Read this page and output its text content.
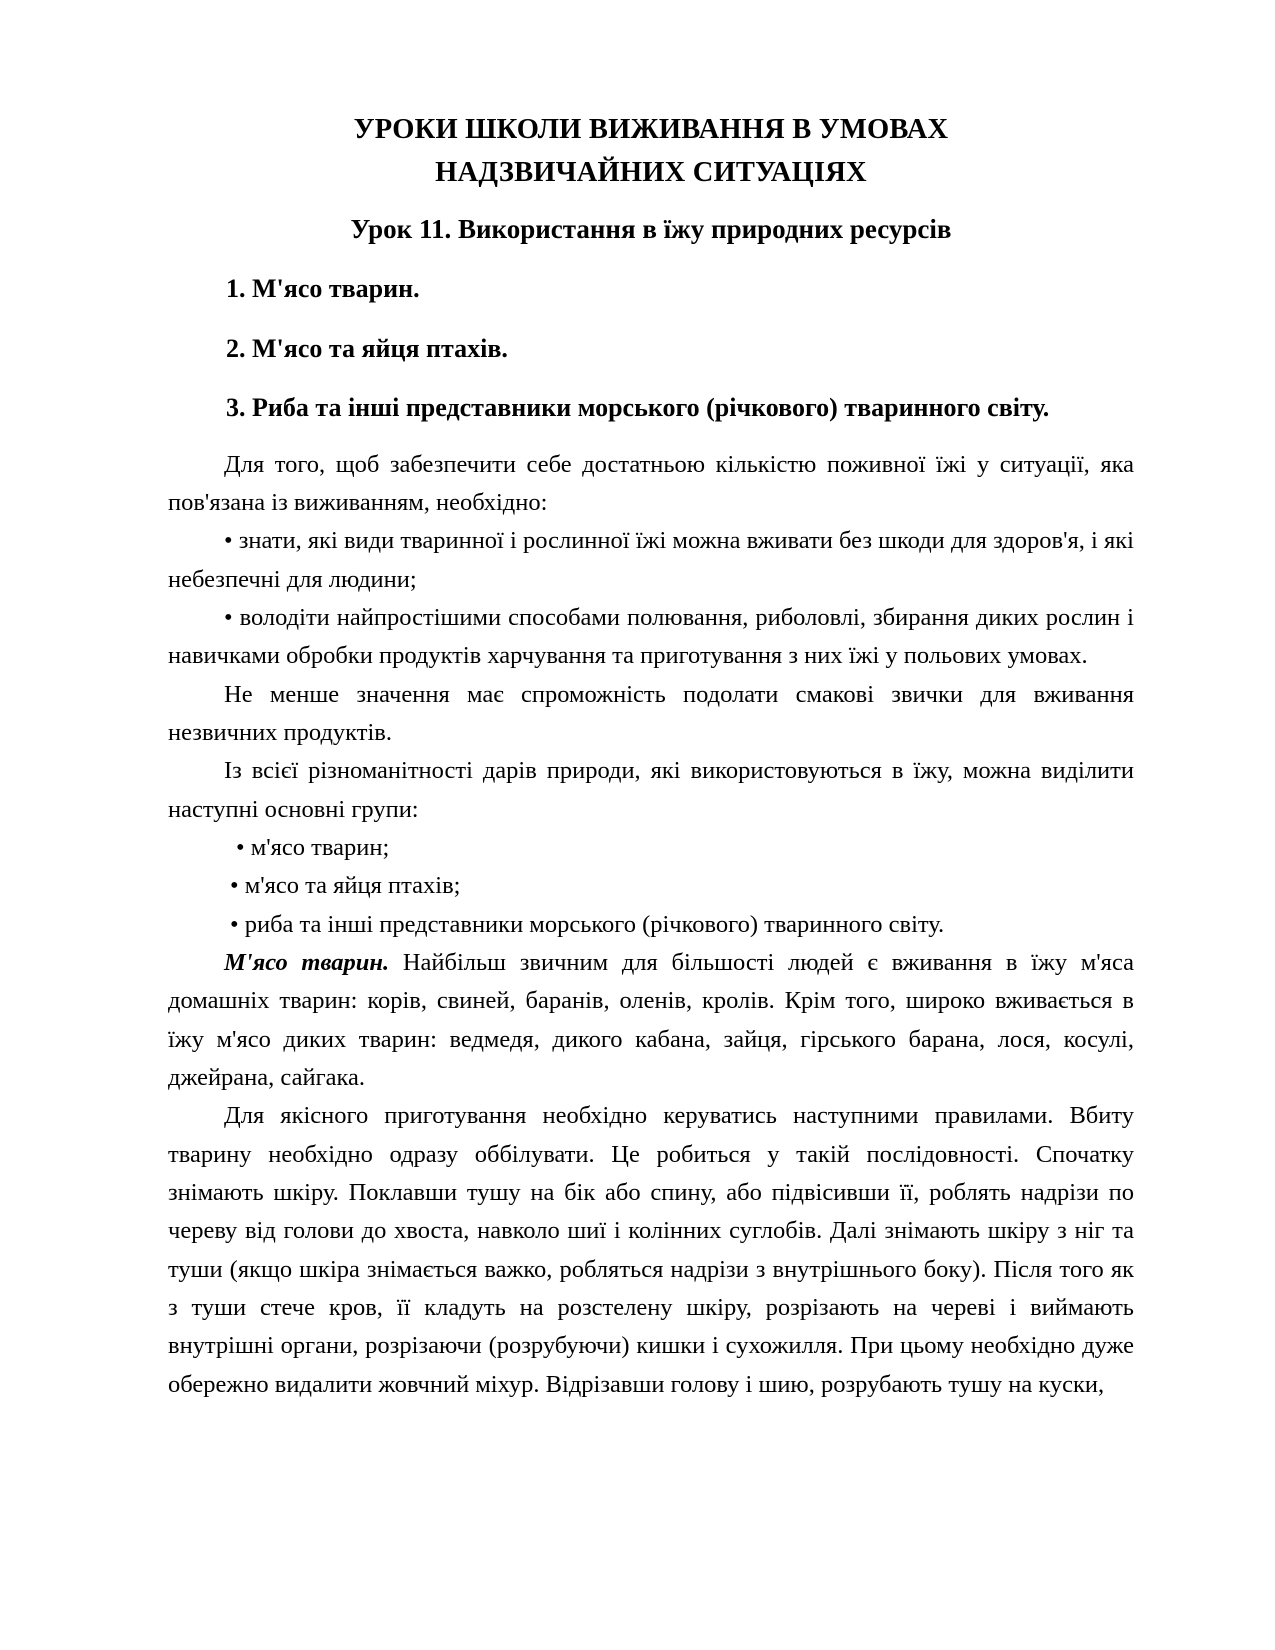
УРОКИ ШКОЛИ ВИЖИВАННЯ В УМОВАХ
НАДЗВИЧАЙНИХ СИТУАЦІЯХ
Урок 11. Використання в їжу природних ресурсів

1. М'ясо тварин.

2. М'ясо та яйця птахів.

3. Риба та інші представники морського (річкового) тваринного світу.

Для того, щоб забезпечити себе достатньою кількістю поживної їжі у ситуації, яка пов'язана із виживанням, необхідно:

• знати, які види тваринної і рослинної їжі можна вживати без шкоди для здоров'я, і які небезпечні для людини;

• володіти найпростішими способами полювання, риболовлі, збирання диких рослин і навичками обробки продуктів харчування та приготування з них їжі у польових умовах.

Не менше значення має спроможність подолати смакові звички для вживання незвичних продуктів.

Із всієї різноманітності дарів природи, які використовуються в їжу, можна виділити наступні основні групи:

• м'ясо тварин;

• м'ясо та яйця птахів;

• риба та інші представники морського (річкового) тваринного світу.

М'ясо тварин. Найбільш звичним для більшості людей є вживання в їжу м'яса домашніх тварин: корів, свиней, баранів, оленів, кролів. Крім того, широко вживається в їжу м'ясо диких тварин: ведмедя, дикого кабана, зайця, гірського барана, лося, косулі, джейрана, сайгака.

Для якісного приготування необхідно керуватись наступними правилами. Вбиту тварину необхідно одразу оббілувати. Це робиться у такій послідовності. Спочатку знімають шкіру. Поклавши тушу на бік або спину, або підвісивши її, роблять надрізи по череву від голови до хвоста, навколо шиї і колінних суглобів. Далі знімають шкіру з ніг та туши (якщо шкіра знімається важко, робляться надрізи з внутрішнього боку). Після того як з туши стече кров, її кладуть на розстелену шкіру, розрізають на череві і виймають внутрішні органи, розрізаючи (розрубуючи) кишки і сухожилля. При цьому необхідно дуже обережно видалити жовчний міхур. Відрізавши голову і шию, розрубають тушу на куски,
